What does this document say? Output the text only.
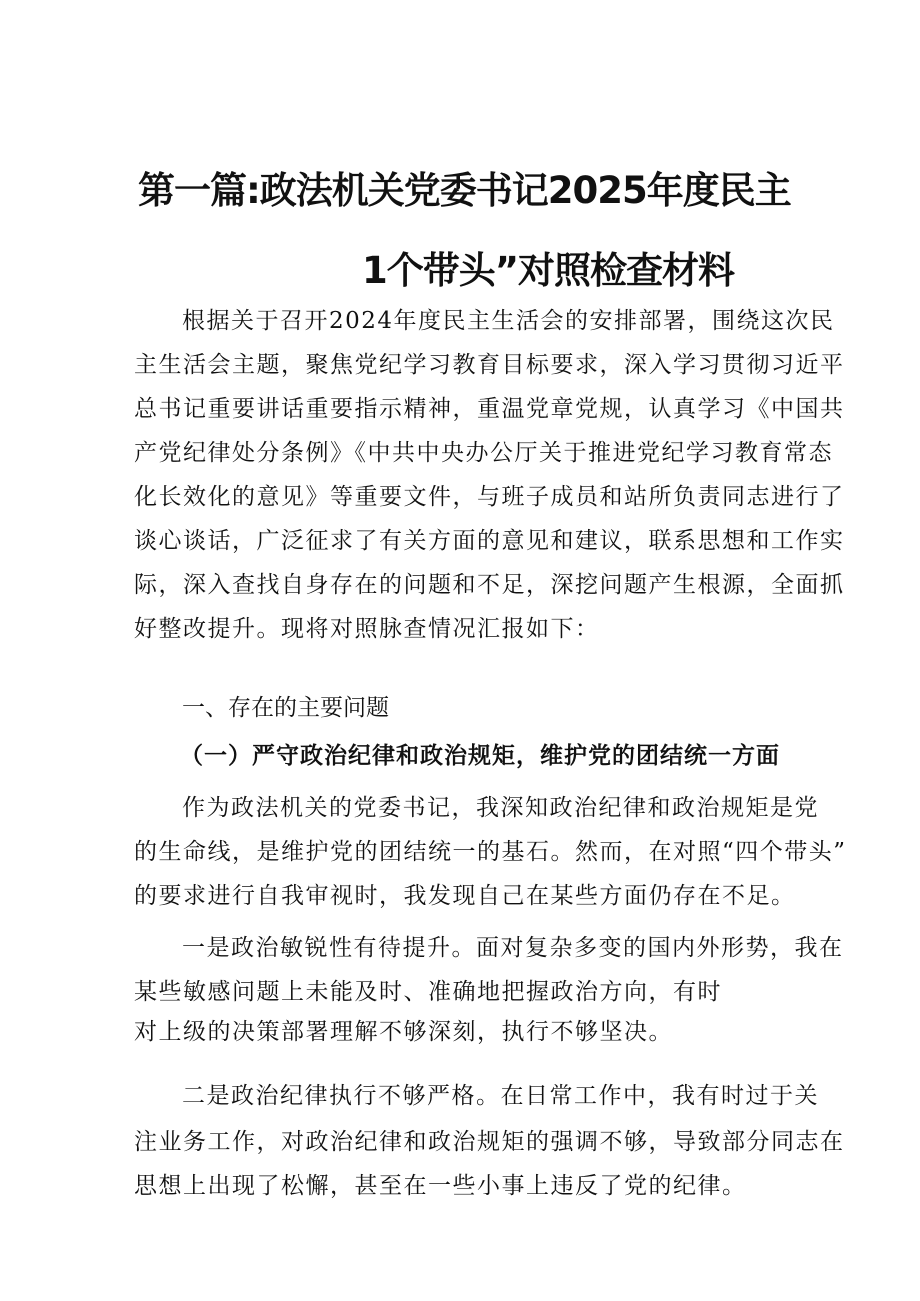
第一篇:政法机关党委书记2025年度民主
1个带头”对照检查材料
根据关于召开2024年度民主生活会的安排部署，围绕这次民
主生活会主题，聚焦党纪学习教育目标要求，深入学习贯彻习近平
总书记重要讲话重要指示精神，重温党章党规，认真学习《中国共
产党纪律处分条例》《中共中央办公厅关于推进党纪学习教育常态
化长效化的意见》等重要文件，与班子成员和站所负责同志进行了
谈心谈话，广泛征求了有关方面的意见和建议，联系思想和工作实
际，深入查找自身存在的问题和不足，深挖问题产生根源，全面抓
好整改提升。现将对照脉查情况汇报如下：
一、存在的主要问题
（一）严守政治纪律和政治规矩，维护党的团结统一方面
作为政法机关的党委书记，我深知政治纪律和政治规矩是党
的生命线，是维护党的团结统一的基石。然而，在对照“四个带头”
的要求进行自我审视时，我发现自己在某些方面仍存在不足。
一是政治敏锐性有待提升。面对复杂多变的国内外形势，我在
某些敏感问题上未能及时、准确地把握政治方向，有时
对上级的决策部署理解不够深刻，执行不够坚决。
二是政治纪律执行不够严格。在日常工作中，我有时过于关
注业务工作，对政治纪律和政治规矩的强调不够，导致部分同志在
思想上出现了松懈，甚至在一些小事上违反了党的纪律。
